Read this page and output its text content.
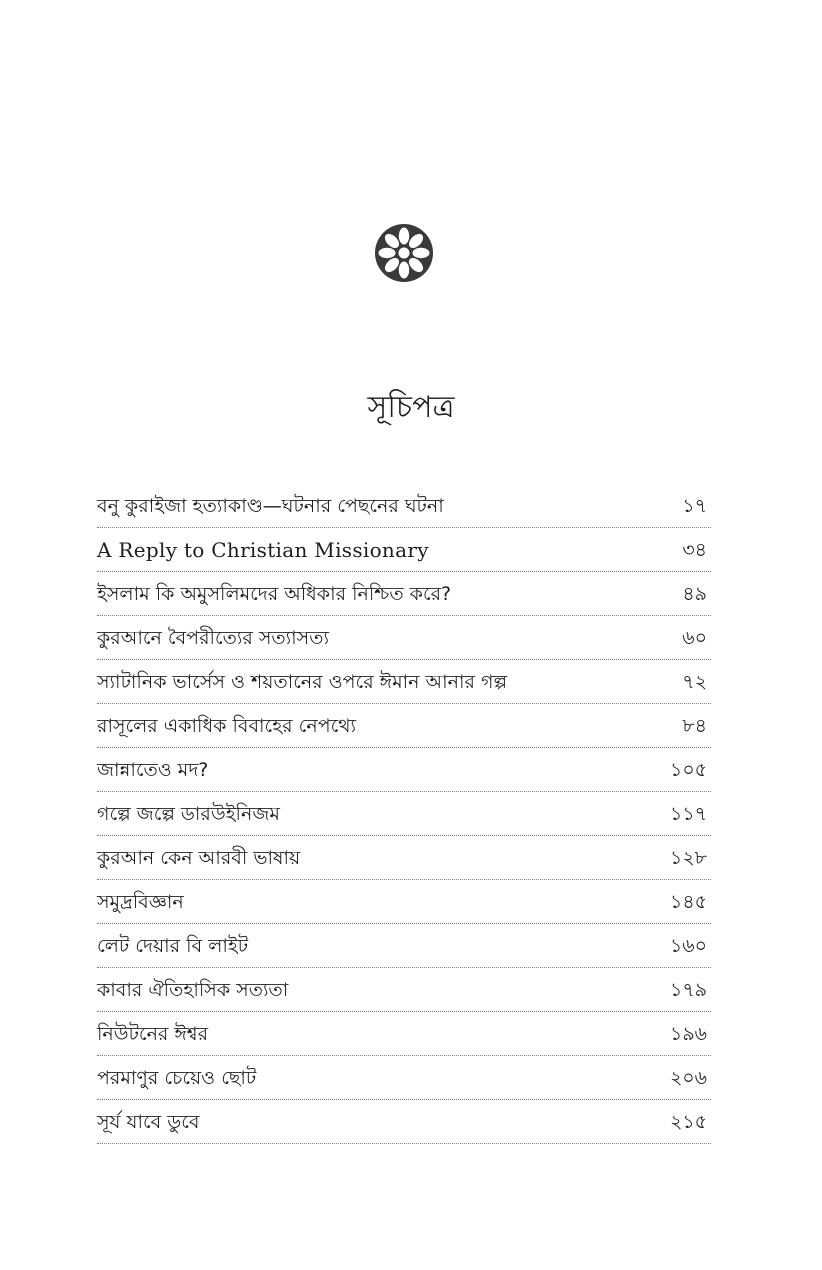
সূচিপত্র
বনু কুরাইজা হত্যাকাণ্ড—ঘটনার পেছনের ঘটনা	১৭
A Reply to Christian Missionary	৩৪
ইসলাম কি অমুসলিমদের অধিকার নিশ্চিত করে?	৪৯
কুরআনে বৈপরীত্যের সত্যাসত্য	৬০
স্যাটানিক ভার্সেস ও শয়তানের ওপরে ঈমান আনার গল্প	৭২
রাসূলের একাধিক বিবাহের নেপথ্যে	৮৪
জান্নাতেও মদ?	১০৫
গল্পে জল্পে ডারউইনিজম	১১৭
কুরআন কেন আরবী ভাষায়	১২৮
সমুদ্রবিজ্ঞান	১৪৫
লেট দেয়ার বি লাইট	১৬০
কাবার ঐতিহাসিক সত্যতা	১৭৯
নিউটনের ঈশ্বর	১৯৬
পরমাণুর চেয়েও ছোট	২০৬
সূর্য যাবে ডুবে	২১৫
